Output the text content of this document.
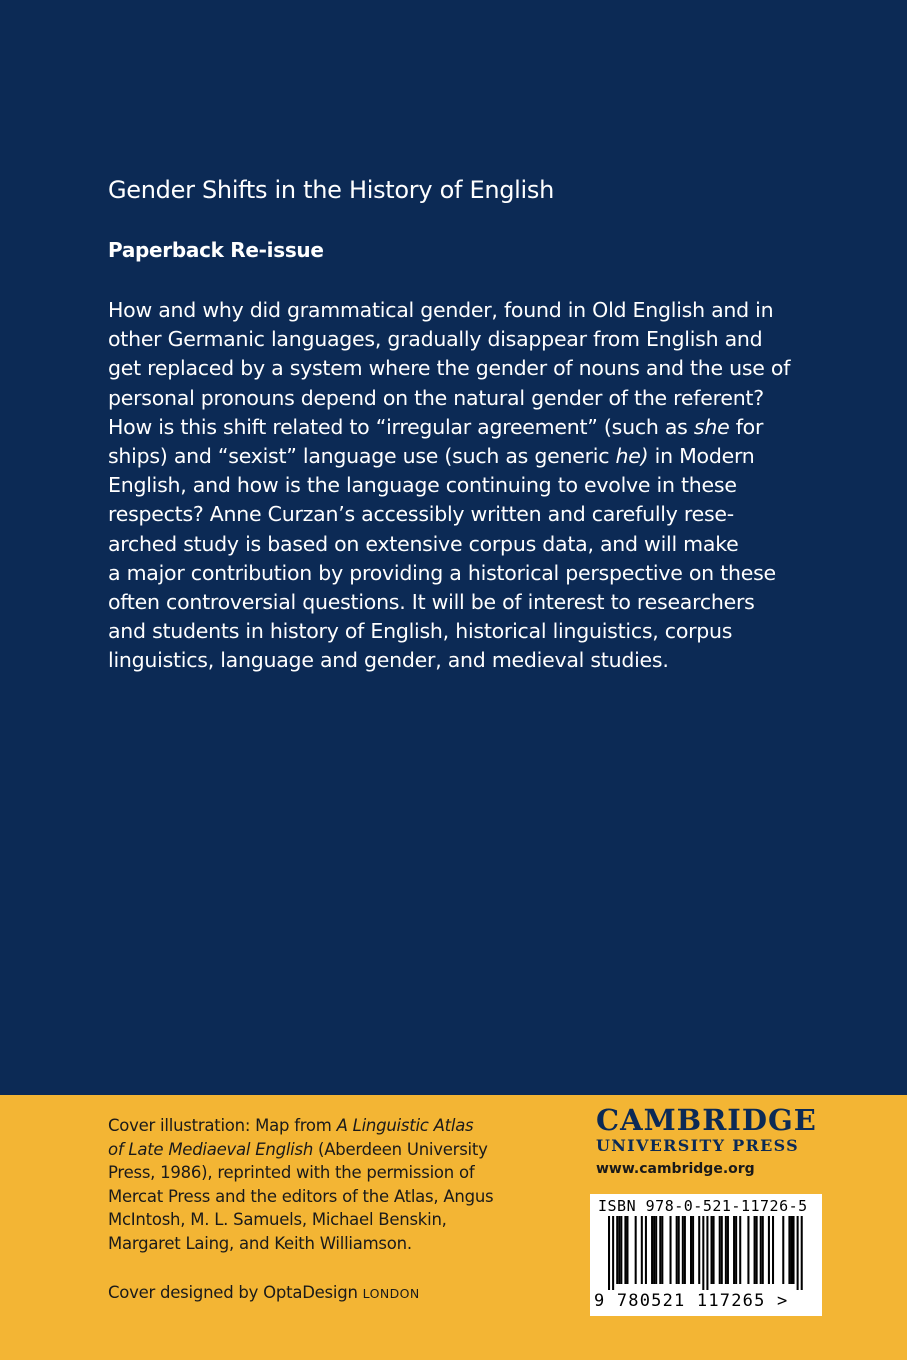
Gender Shifts in the History of English
Paperback Re-issue
How and why did grammatical gender, found in Old English and in
other Germanic languages, gradually disappear from English and
get replaced by a system where the gender of nouns and the use of
personal pronouns depend on the natural gender of the referent?
How is this shift related to “irregular agreement” (such as she for
ships) and “sexist” language use (such as generic he) in Modern
English, and how is the language continuing to evolve in these
respects? Anne Curzan’s accessibly written and carefully rese-
arched study is based on extensive corpus data, and will make
a major contribution by providing a historical perspective on these
often controversial questions. It will be of interest to researchers
and students in history of English, historical linguistics, corpus
linguistics, language and gender, and medieval studies.
Cover illustration: Map from A Linguistic Atlas
of Late Mediaeval English (Aberdeen University
Press, 1986), reprinted with the permission of
Mercat Press and the editors of the Atlas, Angus
McIntosh, M. L. Samuels, Michael Benskin,
Margaret Laing, and Keith Williamson.
Cover designed by OptaDesign LONDON
CAMBRIDGE
UNIVERSITY PRESS
www.cambridge.org
ISBN 978-0-521-11726-5
9 780521 117265 >
